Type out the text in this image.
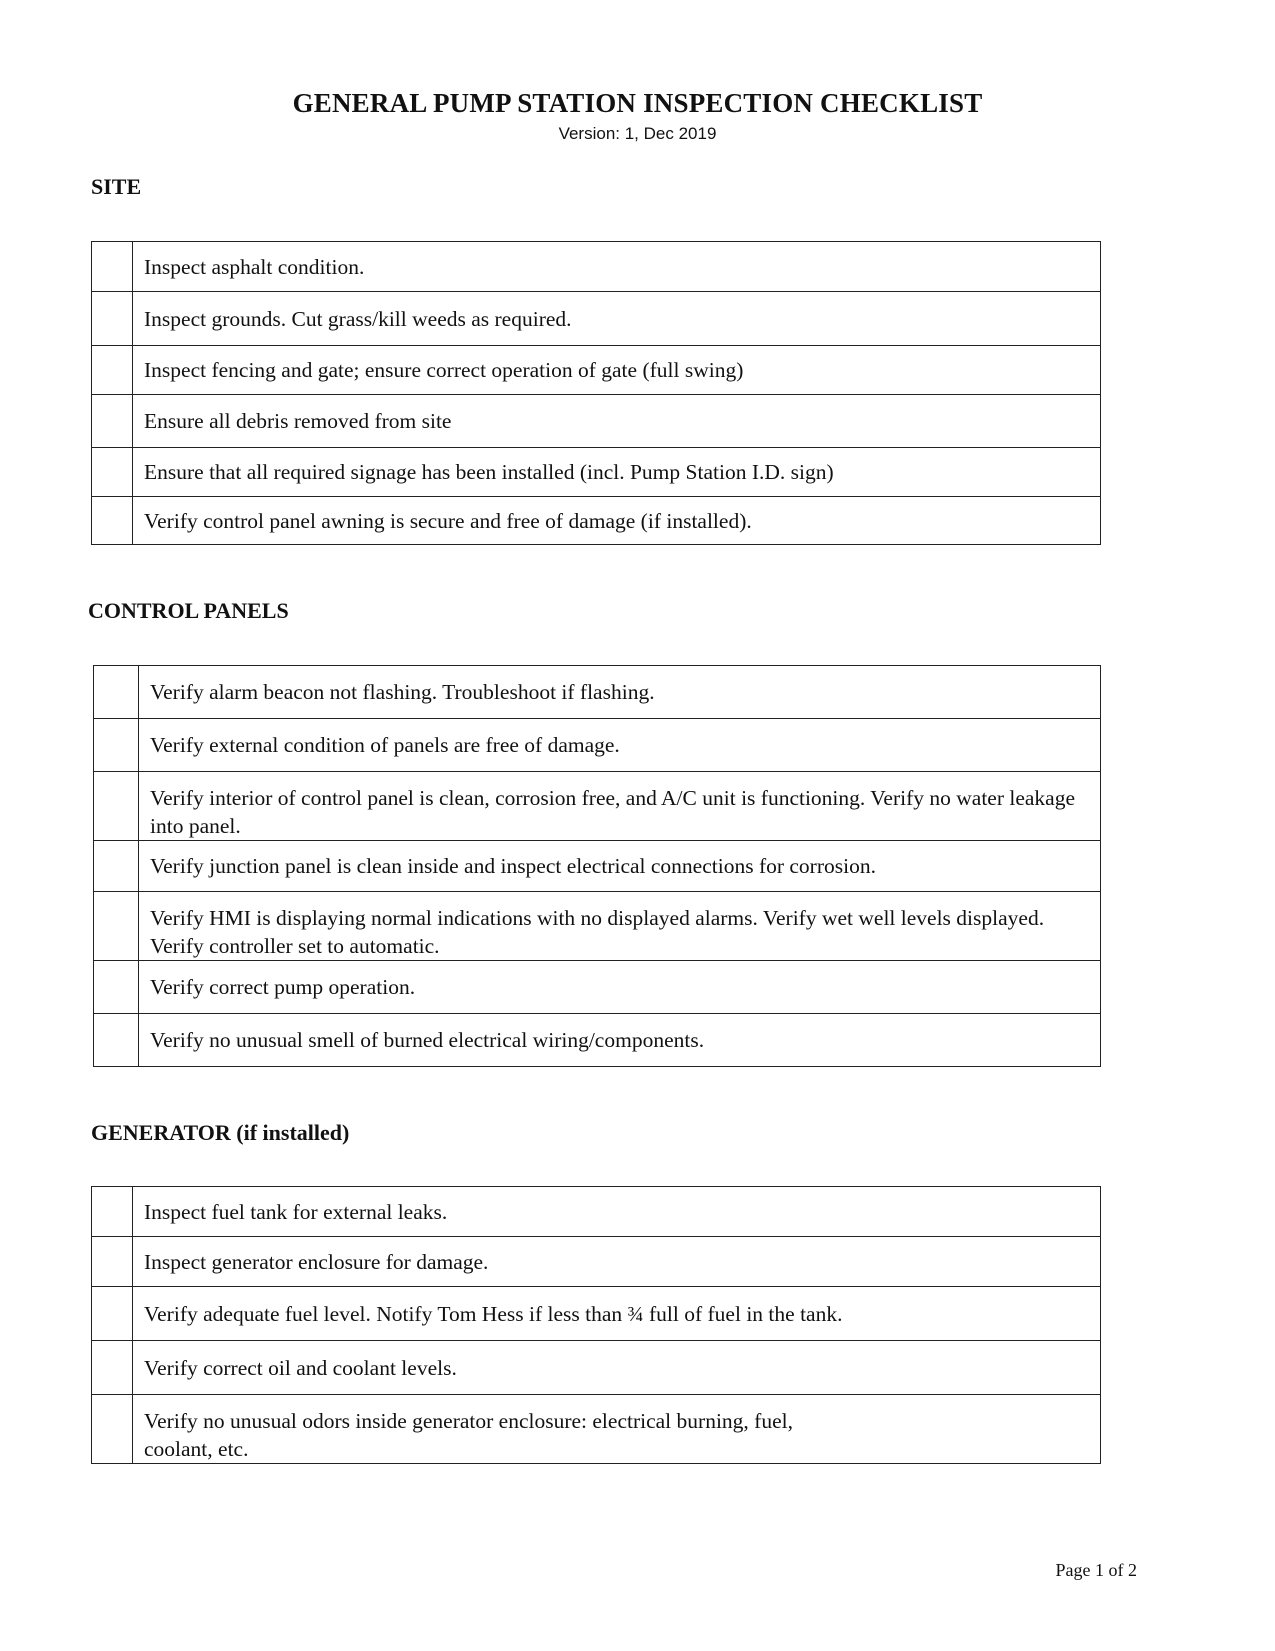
GENERAL PUMP STATION INSPECTION CHECKLIST
Version: 1, Dec 2019
SITE
	Inspect asphalt condition.
	Inspect grounds. Cut grass/kill weeds as required.
	Inspect fencing and gate; ensure correct operation of gate (full swing)
	Ensure all debris removed from site
	Ensure that all required signage has been installed (incl. Pump Station I.D. sign)
	Verify control panel awning is secure and free of damage (if installed).
CONTROL PANELS
	Verify alarm beacon not flashing. Troubleshoot if flashing.
	Verify external condition of panels are free of damage.
	Verify interior of control panel is clean, corrosion free, and A/C unit is functioning. Verify no water leakage into panel.
	Verify junction panel is clean inside and inspect electrical connections for corrosion.
	Verify HMI is displaying normal indications with no displayed alarms. Verify wet well levels displayed. Verify controller set to automatic.
	Verify correct pump operation.
	Verify no unusual smell of burned electrical wiring/components.
GENERATOR (if installed)
	Inspect fuel tank for external leaks.
	Inspect generator enclosure for damage.
	Verify adequate fuel level. Notify Tom Hess if less than ¾ full of fuel in the tank.
	Verify correct oil and coolant levels.
	Verify no unusual odors inside generator enclosure: electrical burning, fuel, coolant, etc.
Page 1 of 2
